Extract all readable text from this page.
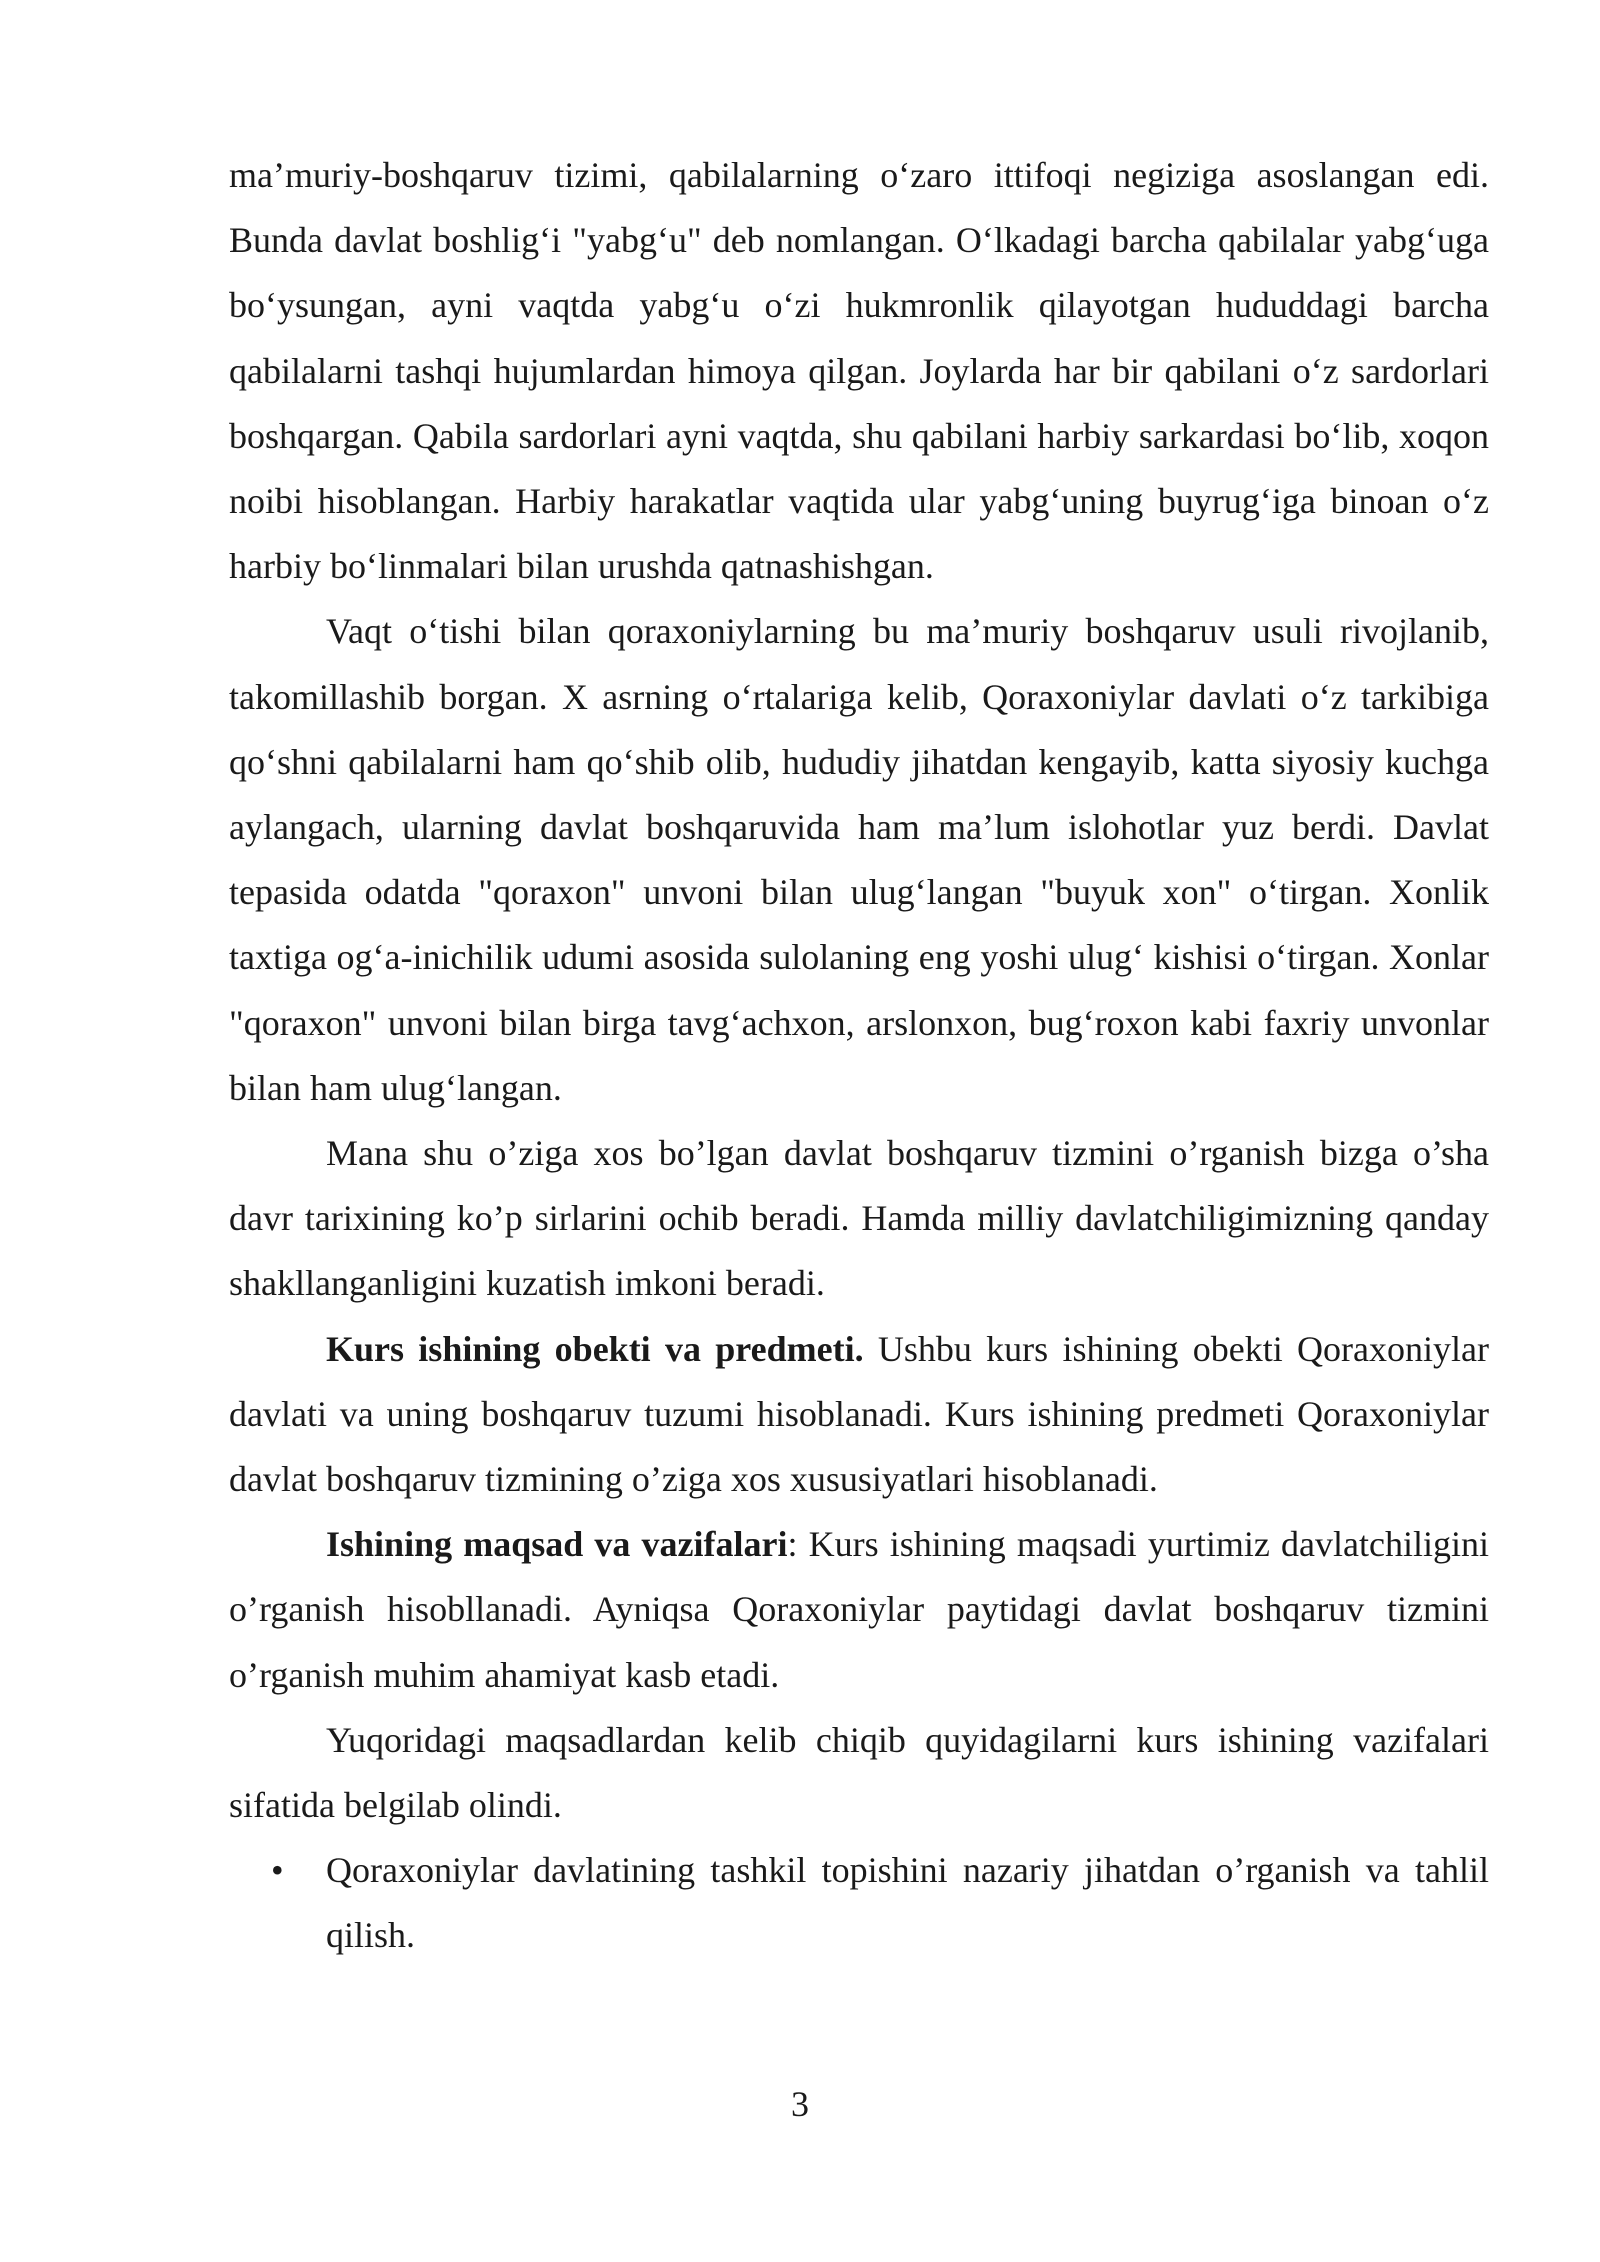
ma’muriy-boshqaruv tizimi, qabilalarning o‘zaro ittifoqi negiziga asoslangan edi. Bunda davlat boshlig‘i "yabg‘u" deb nomlangan. O‘lkadagi barcha qabilalar yabg‘uga bo‘ysungan, ayni vaqtda yabg‘u o‘zi hukmronlik qilayotgan hududdagi barcha qabilalarni tashqi hujumlardan himoya qilgan. Joylarda har bir qabilani o‘z sardorlari boshqargan. Qabila sardorlari ayni vaqtda, shu qabilani harbiy sarkardasi bo‘lib, xoqon noibi hisoblangan. Harbiy harakatlar vaqtida ular yabg‘uning buyrug‘iga binoan o‘z harbiy bo‘linmalari bilan urushda qatnashishgan.

Vaqt o‘tishi bilan qoraxoniylarning bu ma’muriy boshqaruv usuli rivojlanib, takomillashib borgan. X asrning o‘rtalariga kelib, Qoraxoniylar davlati o‘z tarkibiga qo‘shni qabilalarni ham qo‘shib olib, hududiy jihatdan kengayib, katta siyosiy kuchga aylangach, ularning davlat boshqaruvida ham ma’lum islohotlar yuz berdi. Davlat tepasida odatda "qoraxon" unvoni bilan ulug‘langan "buyuk xon" o‘tirgan. Xonlik taxtiga og‘a-inichilik udumi asosida sulolaning eng yoshi ulug‘ kishisi o‘tirgan. Xonlar "qoraxon" unvoni bilan birga tavg‘achxon, arslonxon, bug‘roxon kabi faxriy unvonlar bilan ham ulug‘langan.

Mana shu o’ziga xos bo’lgan davlat boshqaruv tizmini o’rganish bizga o’sha davr tarixining ko’p sirlarini ochib beradi. Hamda milliy davlatchiligimizning qanday shakllanganligini kuzatish imkoni beradi.

Kurs ishining obekti va predmeti. Ushbu kurs ishining obekti Qoraxoniylar davlati va uning boshqaruv tuzumi hisoblanadi. Kurs ishining predmeti Qoraxoniylar davlat boshqaruv tizmining o’ziga xos xususiyatlari hisoblanadi.

Ishining maqsad va vazifalari: Kurs ishining maqsadi yurtimiz davlatchiligini o’rganish hisobllanadi. Ayniqsa Qoraxoniylar paytidagi davlat boshqaruv tizmini o’rganish muhim ahamiyat kasb etadi.

Yuqoridagi maqsadlardan kelib chiqib quyidagilarni kurs ishining vazifalari sifatida belgilab olindi.

• Qoraxoniylar davlatining tashkil topishini nazariy jihatdan o’rganish va tahlil qilish.
3
